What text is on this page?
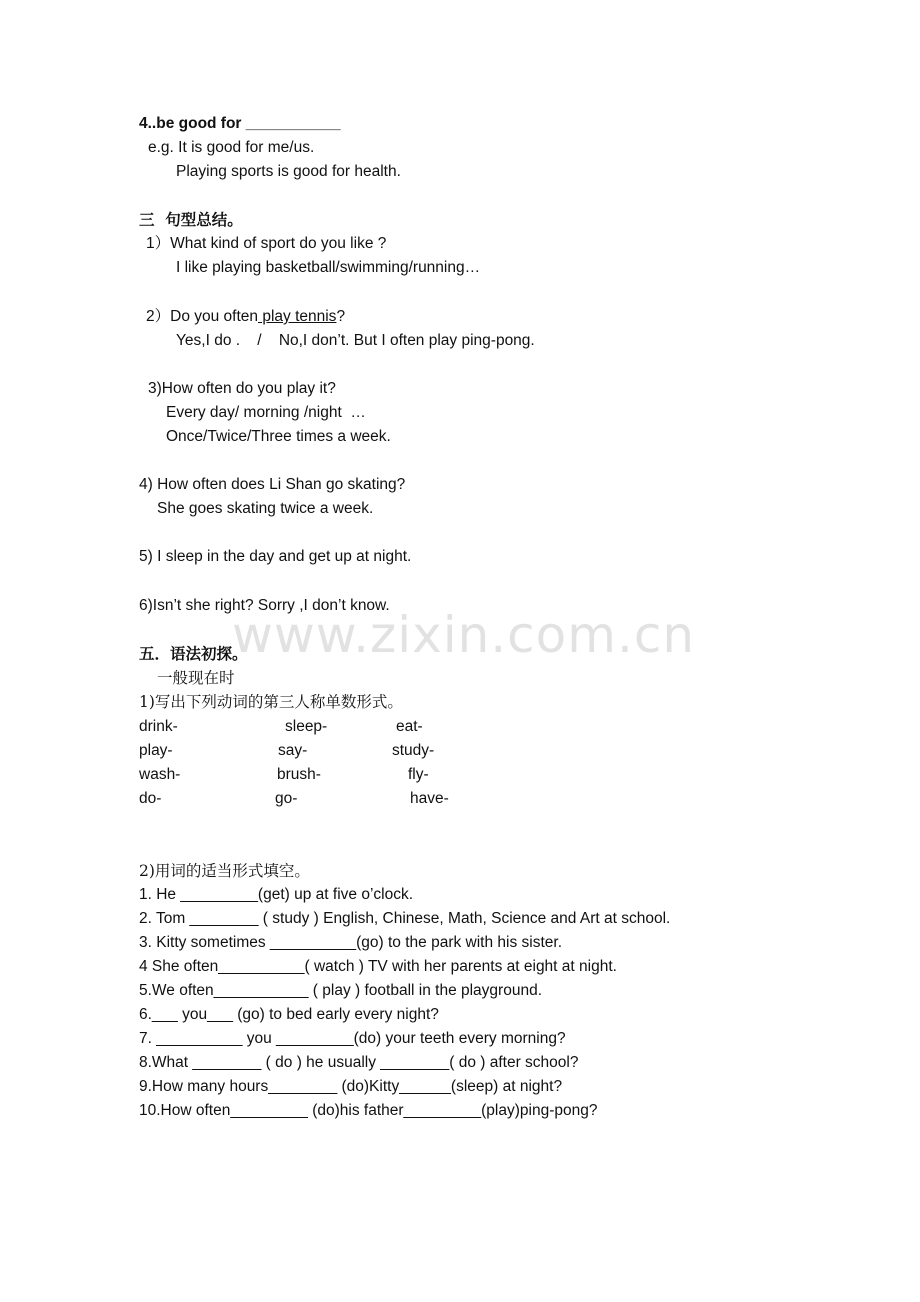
4..be good for ___________
e.g. It is good for me/us.
Playing sports is good for health.
三  句型总结。
1）What kind of sport do you like ?
I like playing basketball/swimming/running…
2）Do you often play tennis?
Yes,I do .    /    No,I don’t. But I often play ping-pong.
3)How often do you play it?
Every day/ morning /night  …
Once/Twice/Three times a week.
4) How often does Li Shan go skating?
She goes skating twice a week.
5) I sleep in the day and get up at night.
6)Isn’t she right? Sorry ,I don’t know.
www.zixin.com.cn
五．语法初探。
一般现在时
1)写出下列动词的第三人称单数形式。
drink-	sleep-	eat-
play-	say-	study-
wash-	brush-	fly-
do-	go-	have-
2)用词的适当形式填空。
1. He _________(get) up at five o’clock.
2. Tom ________ ( study ) English, Chinese, Math, Science and Art at school.
3. Kitty sometimes __________(go) to the park with his sister.
4 She often__________( watch ) TV with her parents at eight at night.
5.We often___________ ( play ) football in the playground.
6.___ you___ (go) to bed early every night?
7. __________ you _________(do) your teeth every morning?
8.What ________ ( do ) he usually ________( do ) after school?
9.How many hours________ (do)Kitty______(sleep) at night?
10.How often_________ (do)his father_________(play)ping-pong?
